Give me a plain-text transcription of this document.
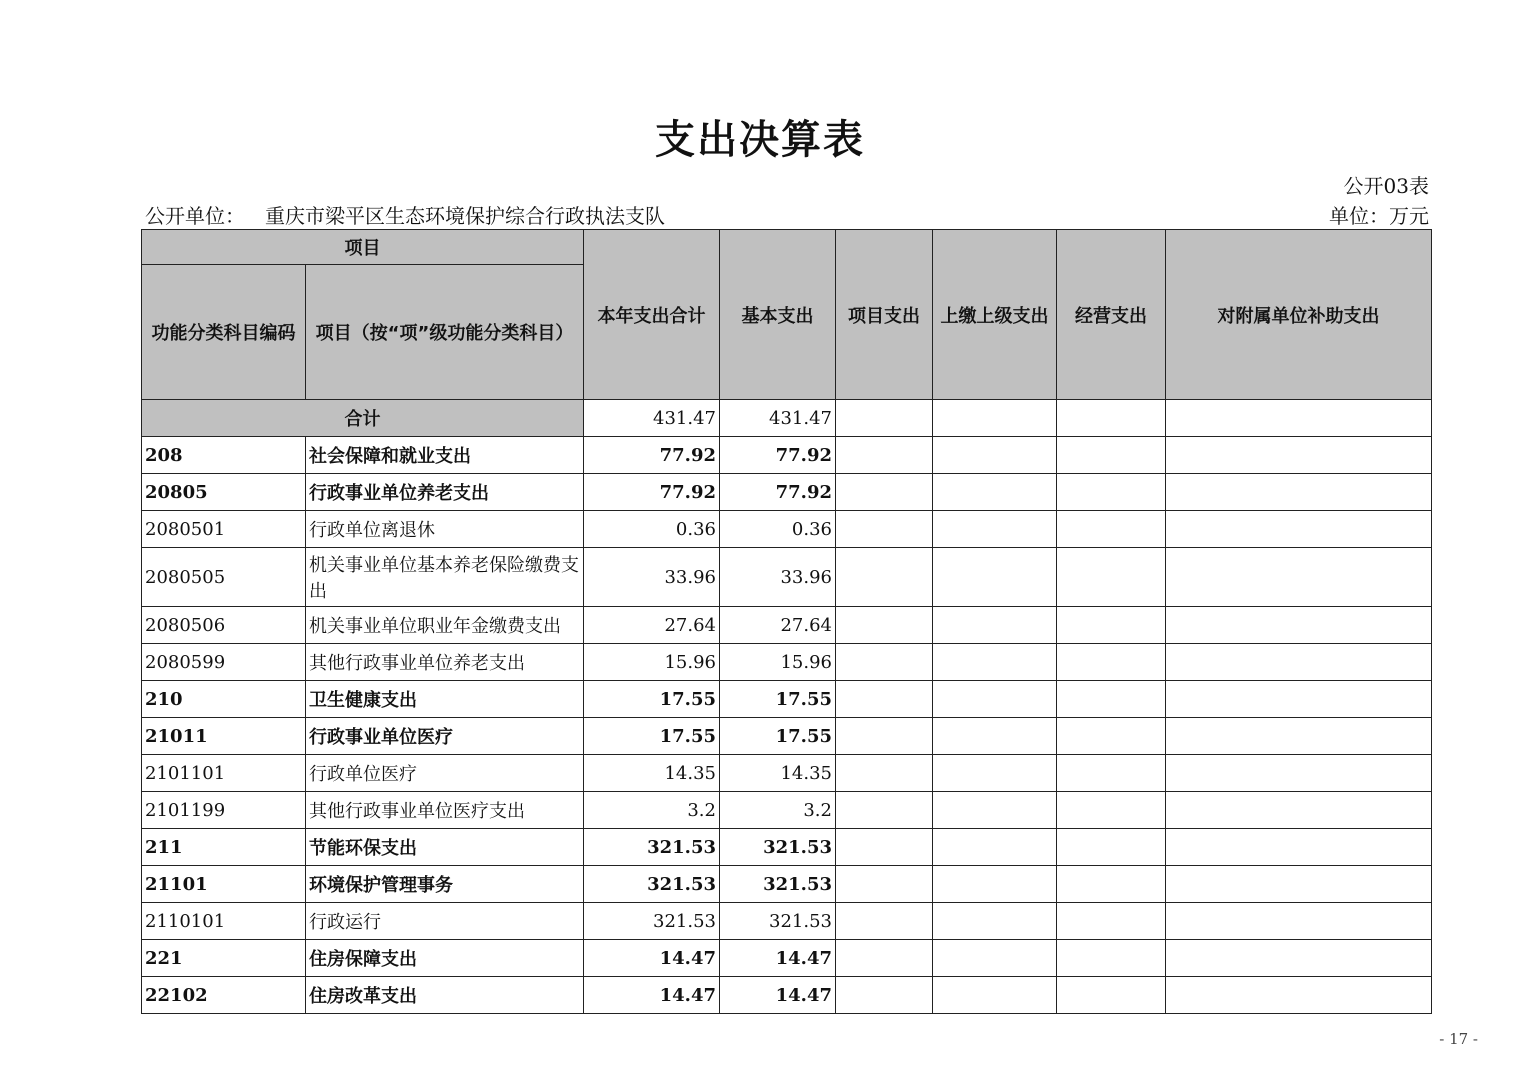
支出决算表
公开03表
公开单位： 重庆市梁平区生态环境保护综合行政执法支队	单位：万元
项目		本年支出合计	基本支出	项目支出	上缴上级支出	经营支出	对附属单位补助支出
功能分类科目编码	项目（按“项”级功能分类科目）						
合计		431.47	431.47				
208	社会保障和就业支出	77.92	77.92				
20805	行政事业单位养老支出	77.92	77.92				
2080501	行政单位离退休	0.36	0.36				
2080505	机关事业单位基本养老保险缴费支出	33.96	33.96				
2080506	机关事业单位职业年金缴费支出	27.64	27.64				
2080599	其他行政事业单位养老支出	15.96	15.96				
210	卫生健康支出	17.55	17.55				
21011	行政事业单位医疗	17.55	17.55				
2101101	行政单位医疗	14.35	14.35				
2101199	其他行政事业单位医疗支出	3.2	3.2				
211	节能环保支出	321.53	321.53				
21101	环境保护管理事务	321.53	321.53				
2110101	行政运行	321.53	321.53				
221	住房保障支出	14.47	14.47				
22102	住房改革支出	14.47	14.47				
- 17 -
